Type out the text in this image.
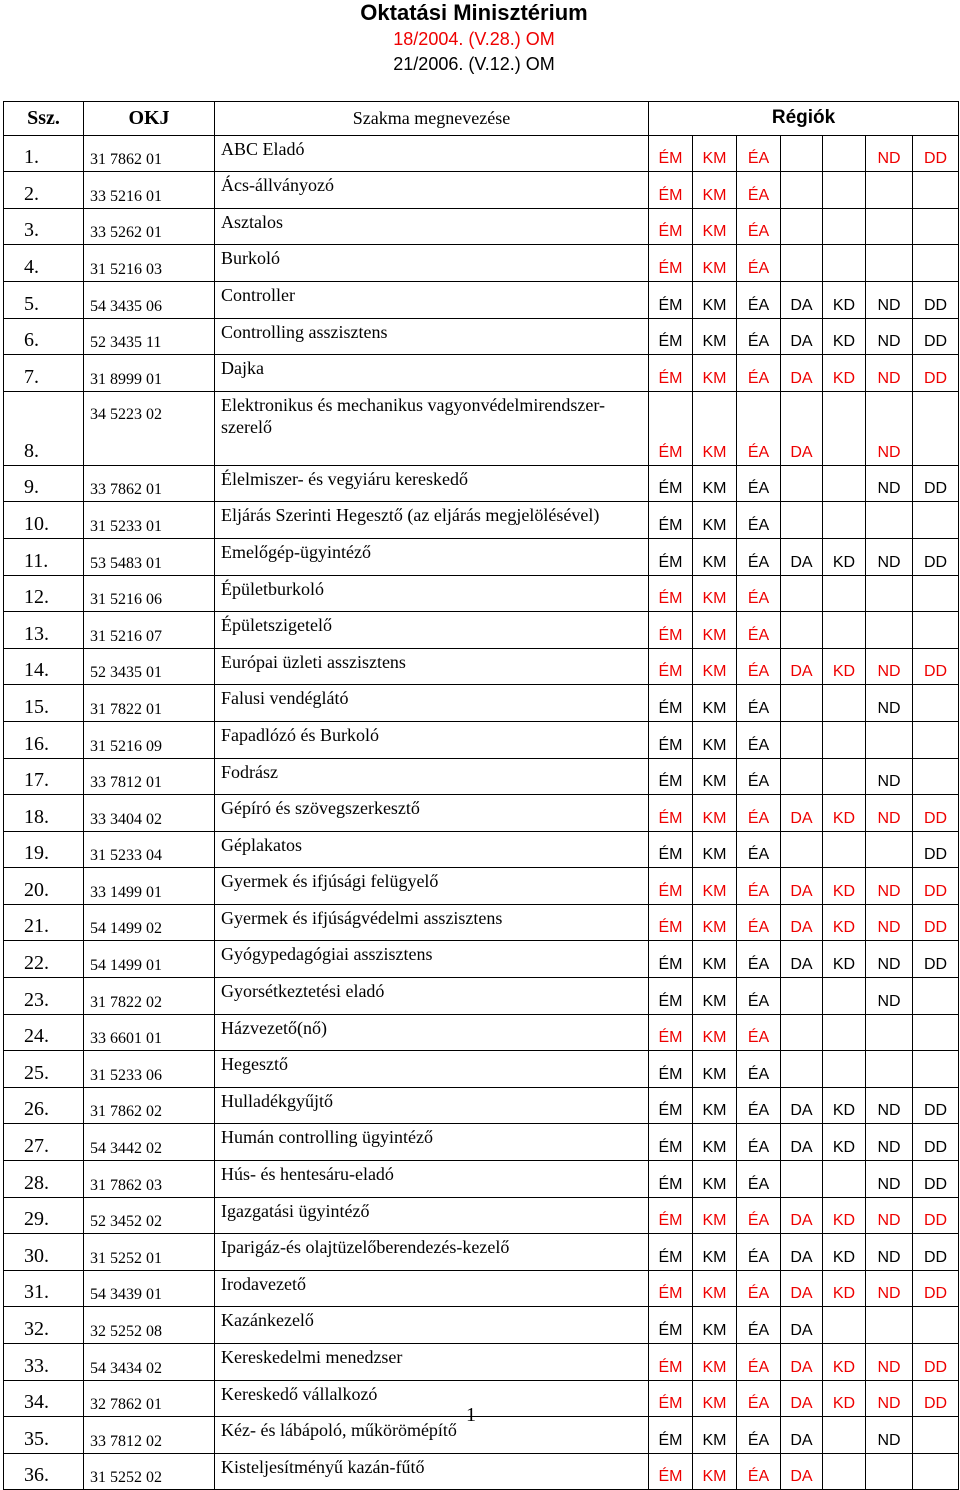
Oktatási Minisztérium
18/2004. (V.28.) OM
21/2006. (V.12.) OM
Ssz.	OKJ	Szakma megnevezése	Régiók						
1.	31 7862 01	ABC Eladó	ÉM	KM	ÉA			ND	DD
2.	33 5216 01	Ács-állványozó	ÉM	KM	ÉA				
3.	33 5262 01	Asztalos	ÉM	KM	ÉA				
4.	31 5216 03	Burkoló	ÉM	KM	ÉA				
5.	54 3435 06	Controller	ÉM	KM	ÉA	DA	KD	ND	DD
6.	52 3435 11	Controlling asszisztens	ÉM	KM	ÉA	DA	KD	ND	DD
7.	31 8999 01	Dajka	ÉM	KM	ÉA	DA	KD	ND	DD
8.	34 5223 02	Elektronikus és mechanikus vagyonvédelmirendszer-szerelő	ÉM	KM	ÉA	DA		ND	
9.	33 7862 01	Élelmiszer- és vegyiáru kereskedő	ÉM	KM	ÉA			ND	DD
10.	31 5233 01	Eljárás Szerinti Hegesztő (az eljárás megjelölésével)	ÉM	KM	ÉA				
11.	53 5483 01	Emelőgép-ügyintéző	ÉM	KM	ÉA	DA	KD	ND	DD
12.	31 5216 06	Épületburkoló	ÉM	KM	ÉA				
13.	31 5216 07	Épületszigetelő	ÉM	KM	ÉA				
14.	52 3435 01	Európai üzleti asszisztens	ÉM	KM	ÉA	DA	KD	ND	DD
15.	31 7822 01	Falusi vendéglátó	ÉM	KM	ÉA			ND	
16.	31 5216 09	Fapadlózó és Burkoló	ÉM	KM	ÉA				
17.	33 7812 01	Fodrász	ÉM	KM	ÉA			ND	
18.	33 3404 02	Gépíró és szövegszerkesztő	ÉM	KM	ÉA	DA	KD	ND	DD
19.	31 5233 04	Géplakatos	ÉM	KM	ÉA				DD
20.	33 1499 01	Gyermek és ifjúsági felügyelő	ÉM	KM	ÉA	DA	KD	ND	DD
21.	54 1499 02	Gyermek és ifjúságvédelmi asszisztens	ÉM	KM	ÉA	DA	KD	ND	DD
22.	54 1499 01	Gyógypedagógiai asszisztens	ÉM	KM	ÉA	DA	KD	ND	DD
23.	31 7822 02	Gyorsétkeztetési eladó	ÉM	KM	ÉA			ND	
24.	33 6601 01	Házvezető(nő)	ÉM	KM	ÉA				
25.	31 5233 06	Hegesztő	ÉM	KM	ÉA				
26.	31 7862 02	Hulladékgyűjtő	ÉM	KM	ÉA	DA	KD	ND	DD
27.	54 3442 02	Humán controlling ügyintéző	ÉM	KM	ÉA	DA	KD	ND	DD
28.	31 7862 03	Hús- és hentesáru-eladó	ÉM	KM	ÉA			ND	DD
29.	52 3452 02	Igazgatási ügyintéző	ÉM	KM	ÉA	DA	KD	ND	DD
30.	31 5252 01	Iparigáz-és olajtüzelőberendezés-kezelő	ÉM	KM	ÉA	DA	KD	ND	DD
31.	54 3439 01	Irodavezető	ÉM	KM	ÉA	DA	KD	ND	DD
32.	32 5252 08	Kazánkezelő	ÉM	KM	ÉA	DA			
33.	54 3434 02	Kereskedelmi menedzser	ÉM	KM	ÉA	DA	KD	ND	DD
34.	32 7862 01	Kereskedő vállalkozó	ÉM	KM	ÉA	DA	KD	ND	DD
35.	33 7812 02	Kéz- és lábápoló, műkörömépítő	ÉM	KM	ÉA	DA		ND	
36.	31 5252 02	Kisteljesítményű kazán-fűtő	ÉM	KM	ÉA	DA			
1
